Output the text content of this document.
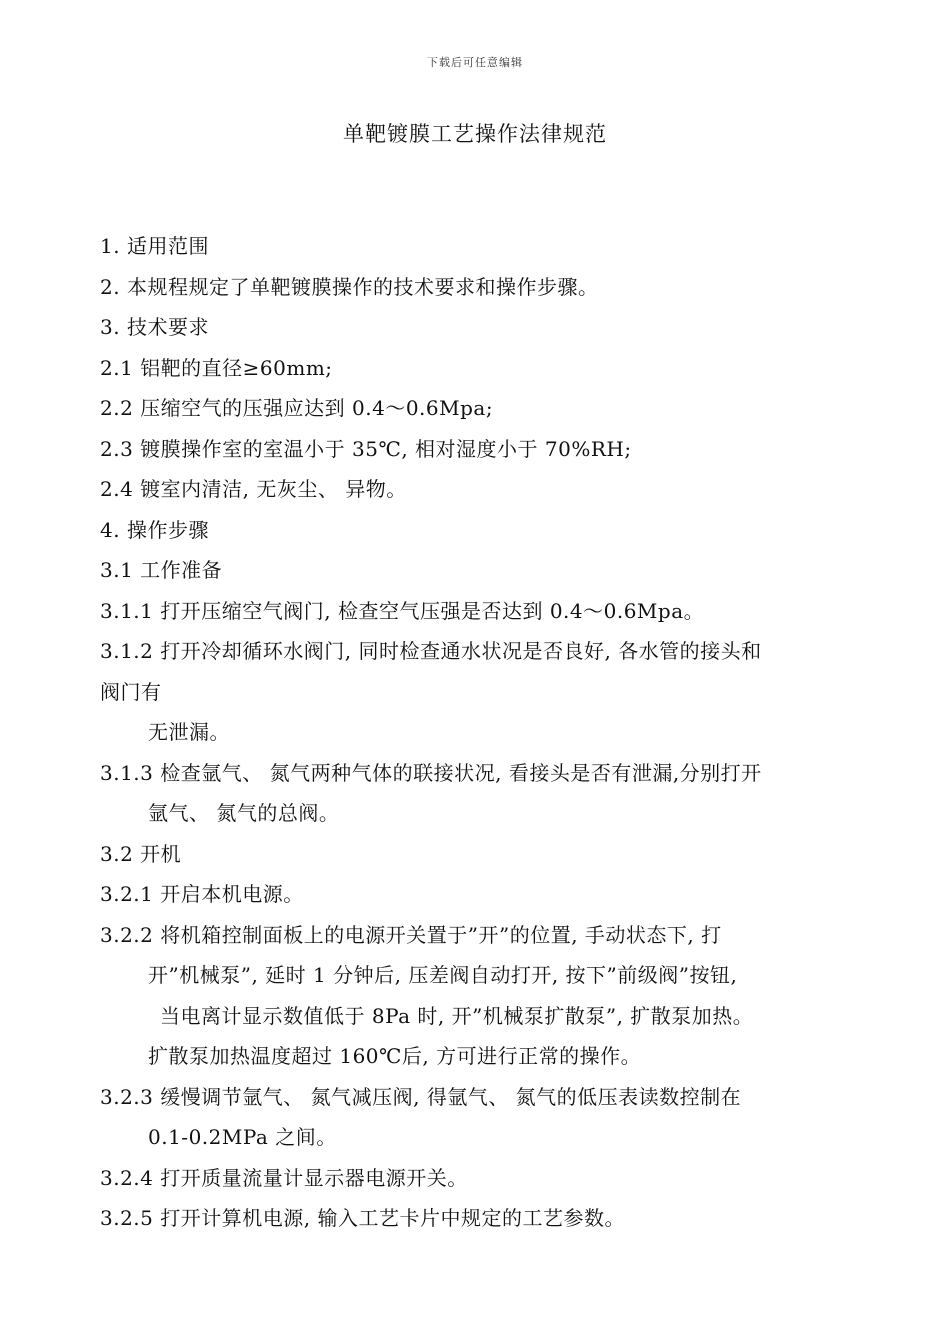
下载后可任意编辑
单靶镀膜工艺操作法律规范
1. 适用范围
2. 本规程规定了单靶镀膜操作的技术要求和操作步骤。
3. 技术要求
2.1 铝靶的直径≥60mm;
2.2 压缩空气的压强应达到 0.4～0.6Mpa;
2.3 镀膜操作室的室温小于 35℃, 相对湿度小于 70%RH;
2.4 镀室内清洁, 无灰尘、 异物。
4. 操作步骤
3.1 工作准备
3.1.1 打开压缩空气阀门, 检查空气压强是否达到 0.4～0.6Mpa。
3.1.2 打开冷却循环水阀门, 同时检查通水状况是否良好, 各水管的接头和
阀门有
无泄漏。
3.1.3 检查氩气、 氮气两种气体的联接状况, 看接头是否有泄漏,分别打开
氩气、 氮气的总阀。
3.2 开机
3.2.1 开启本机电源。
3.2.2 将机箱控制面板上的电源开关置于”开”的位置, 手动状态下, 打
开”机械泵”, 延时 1 分钟后, 压差阀自动打开, 按下”前级阀”按钮,
当电离计显示数值低于 8Pa 时, 开”机械泵扩散泵”, 扩散泵加热。
扩散泵加热温度超过 160℃后, 方可进行正常的操作。
3.2.3 缓慢调节氩气、 氮气减压阀, 得氩气、 氮气的低压表读数控制在
0.1-0.2MPa 之间。
3.2.4 打开质量流量计显示器电源开关。
3.2.5 打开计算机电源, 输入工艺卡片中规定的工艺参数。
